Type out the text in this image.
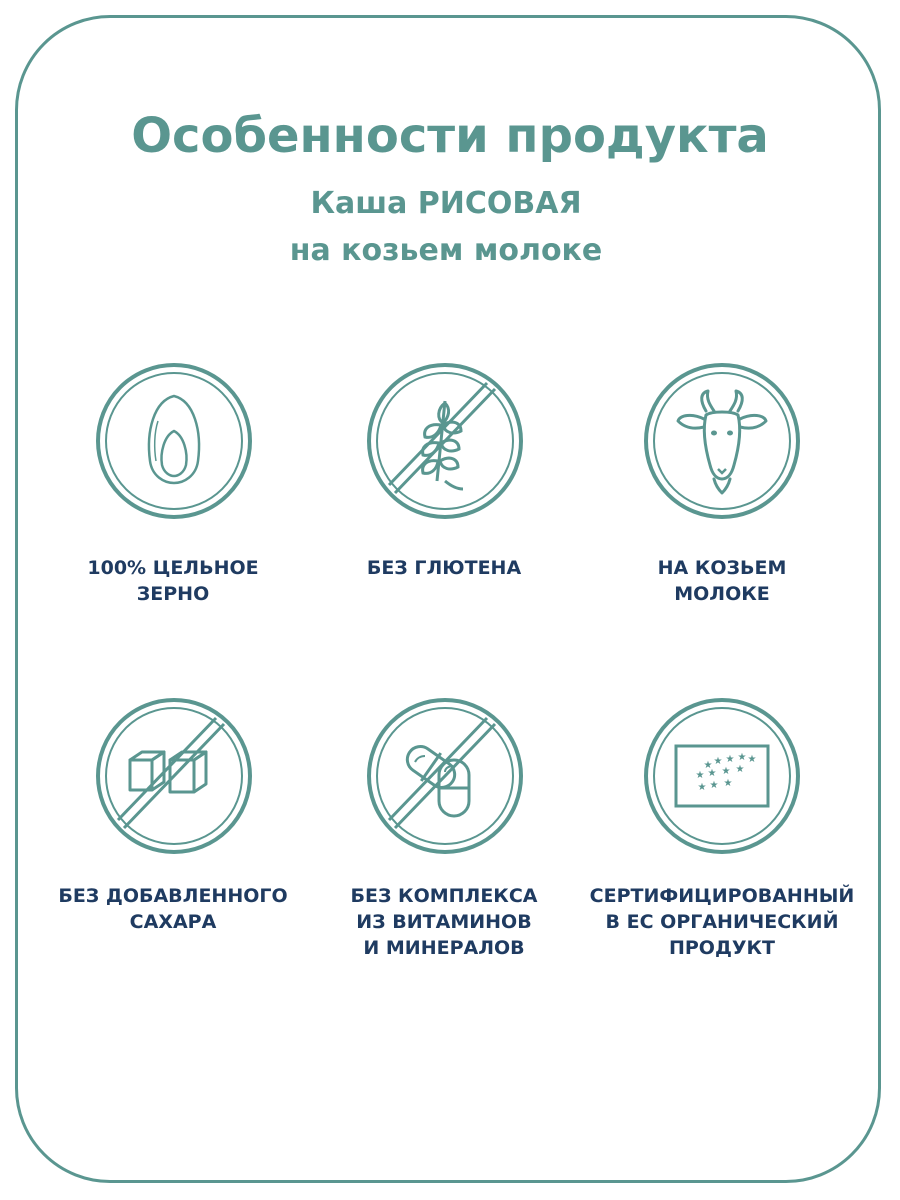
Особенности продукта
Каша РИСОВАЯ
на козьем молоке
100% ЦЕЛЬНОЕ
ЗЕРНО
БЕЗ ГЛЮТЕНА	НА КОЗЬЕМ
МОЛОКЕ
★ ★ ★ ★ ★
★ ★ ★ ★
★ ★ ★
БЕЗ ДОБАВЛЕННОГО
САХАРА
БЕЗ КОМПЛЕКСА
ИЗ ВИТАМИНОВ
И МИНЕРАЛОВ
СЕРТИФИЦИРОВАННЫЙ
В ЕС ОРГАНИЧЕСКИЙ
ПРОДУКТ
